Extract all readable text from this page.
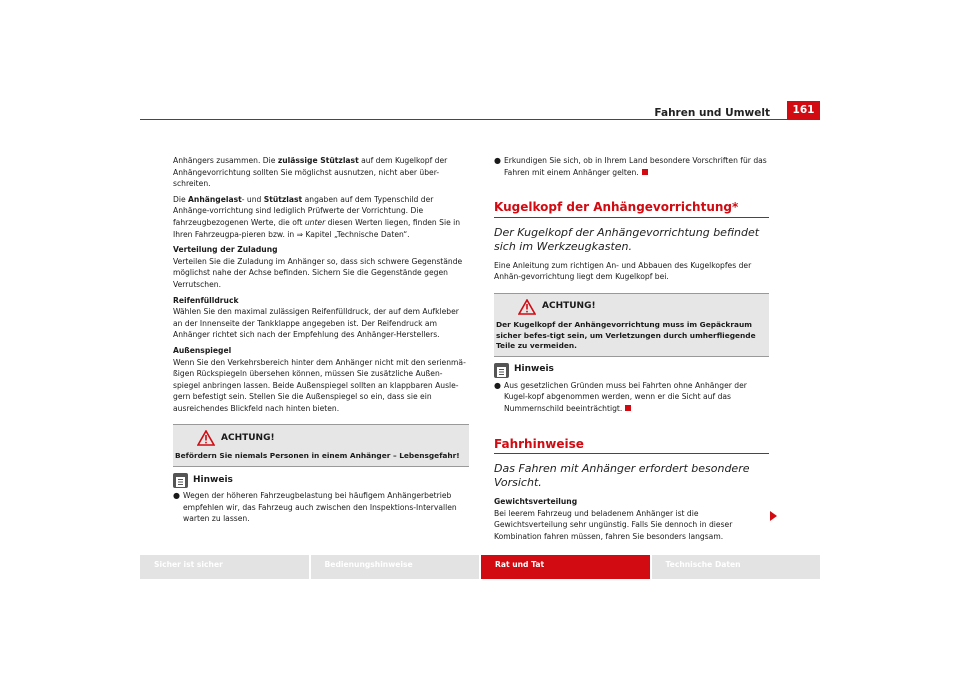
Fahren und Umwelt	161

Anhängers zusammen. Die zulässige Stützlast auf dem Kugelkopf der Anhängevorrichtung sollten Sie möglichst ausnutzen, nicht aber über-schreiten.

Die Anhängelast- und Stützlast angaben auf dem Typenschild der Anhänge-vorrichtung sind lediglich Prüfwerte der Vorrichtung. Die fahrzeugbezogenen Werte, die oft unter diesen Werten liegen, finden Sie in Ihren Fahrzeugpa-pieren bzw. in ⇒ Kapitel „Technische Daten“.

Verteilung der Zuladung

Verteilen Sie die Zuladung im Anhänger so, dass sich schwere Gegenstände möglichst nahe der Achse befinden. Sichern Sie die Gegenstände gegen Verrutschen.

Reifenfülldruck

Wählen Sie den maximal zulässigen Reifenfülldruck, der auf dem Aufkleber an der Innenseite der Tankklappe angegeben ist. Der Reifendruck am Anhänger richtet sich nach der Empfehlung des Anhänger-Herstellers.

Außenspiegel

Wenn Sie den Verkehrsbereich hinter dem Anhänger nicht mit den serienmä-ßigen Rückspiegeln übersehen können, müssen Sie zusätzliche Außen-spiegel anbringen lassen. Beide Außenspiegel sollten an klappbaren Ausle-gern befestigt sein. Stellen Sie die Außenspiegel so ein, dass sie ein ausreichendes Blickfeld nach hinten bieten.

ACHTUNG!
Befördern Sie niemals Personen in einem Anhänger – Lebensgefahr!
Hinweis
● Wegen der höheren Fahrzeugbelastung bei häufigem Anhängerbetrieb empfehlen wir, das Fahrzeug auch zwischen den Inspektions-Intervallen warten zu lassen.
● Erkundigen Sie sich, ob in Ihrem Land besondere Vorschriften für das Fahren mit einem Anhänger gelten.
Kugelkopf der Anhängevorrichtung*
Der Kugelkopf der Anhängevorrichtung befindet sich im Werkzeugkasten.

Eine Anleitung zum richtigen An- und Abbauen des Kugelkopfes der Anhän-gevorrichtung liegt dem Kugelkopf bei.

ACHTUNG!
Der Kugelkopf der Anhängevorrichtung muss im Gepäckraum sicher befes-tigt sein, um Verletzungen durch umherfliegende Teile zu vermeiden.
Hinweis
● Aus gesetzlichen Gründen muss bei Fahrten ohne Anhänger der Kugel-kopf abgenommen werden, wenn er die Sicht auf das Nummernschild beeinträchtigt.
Fahrhinweise
Das Fahren mit Anhänger erfordert besondere Vorsicht.

Gewichtsverteilung

Bei leerem Fahrzeug und beladenem Anhänger ist die Gewichtsverteilung sehr ungünstig. Falls Sie dennoch in dieser Kombination fahren müssen, fahren Sie besonders langsam.

Sicher ist sicher	Bedienungshinweise	Rat und Tat	Technische Daten
